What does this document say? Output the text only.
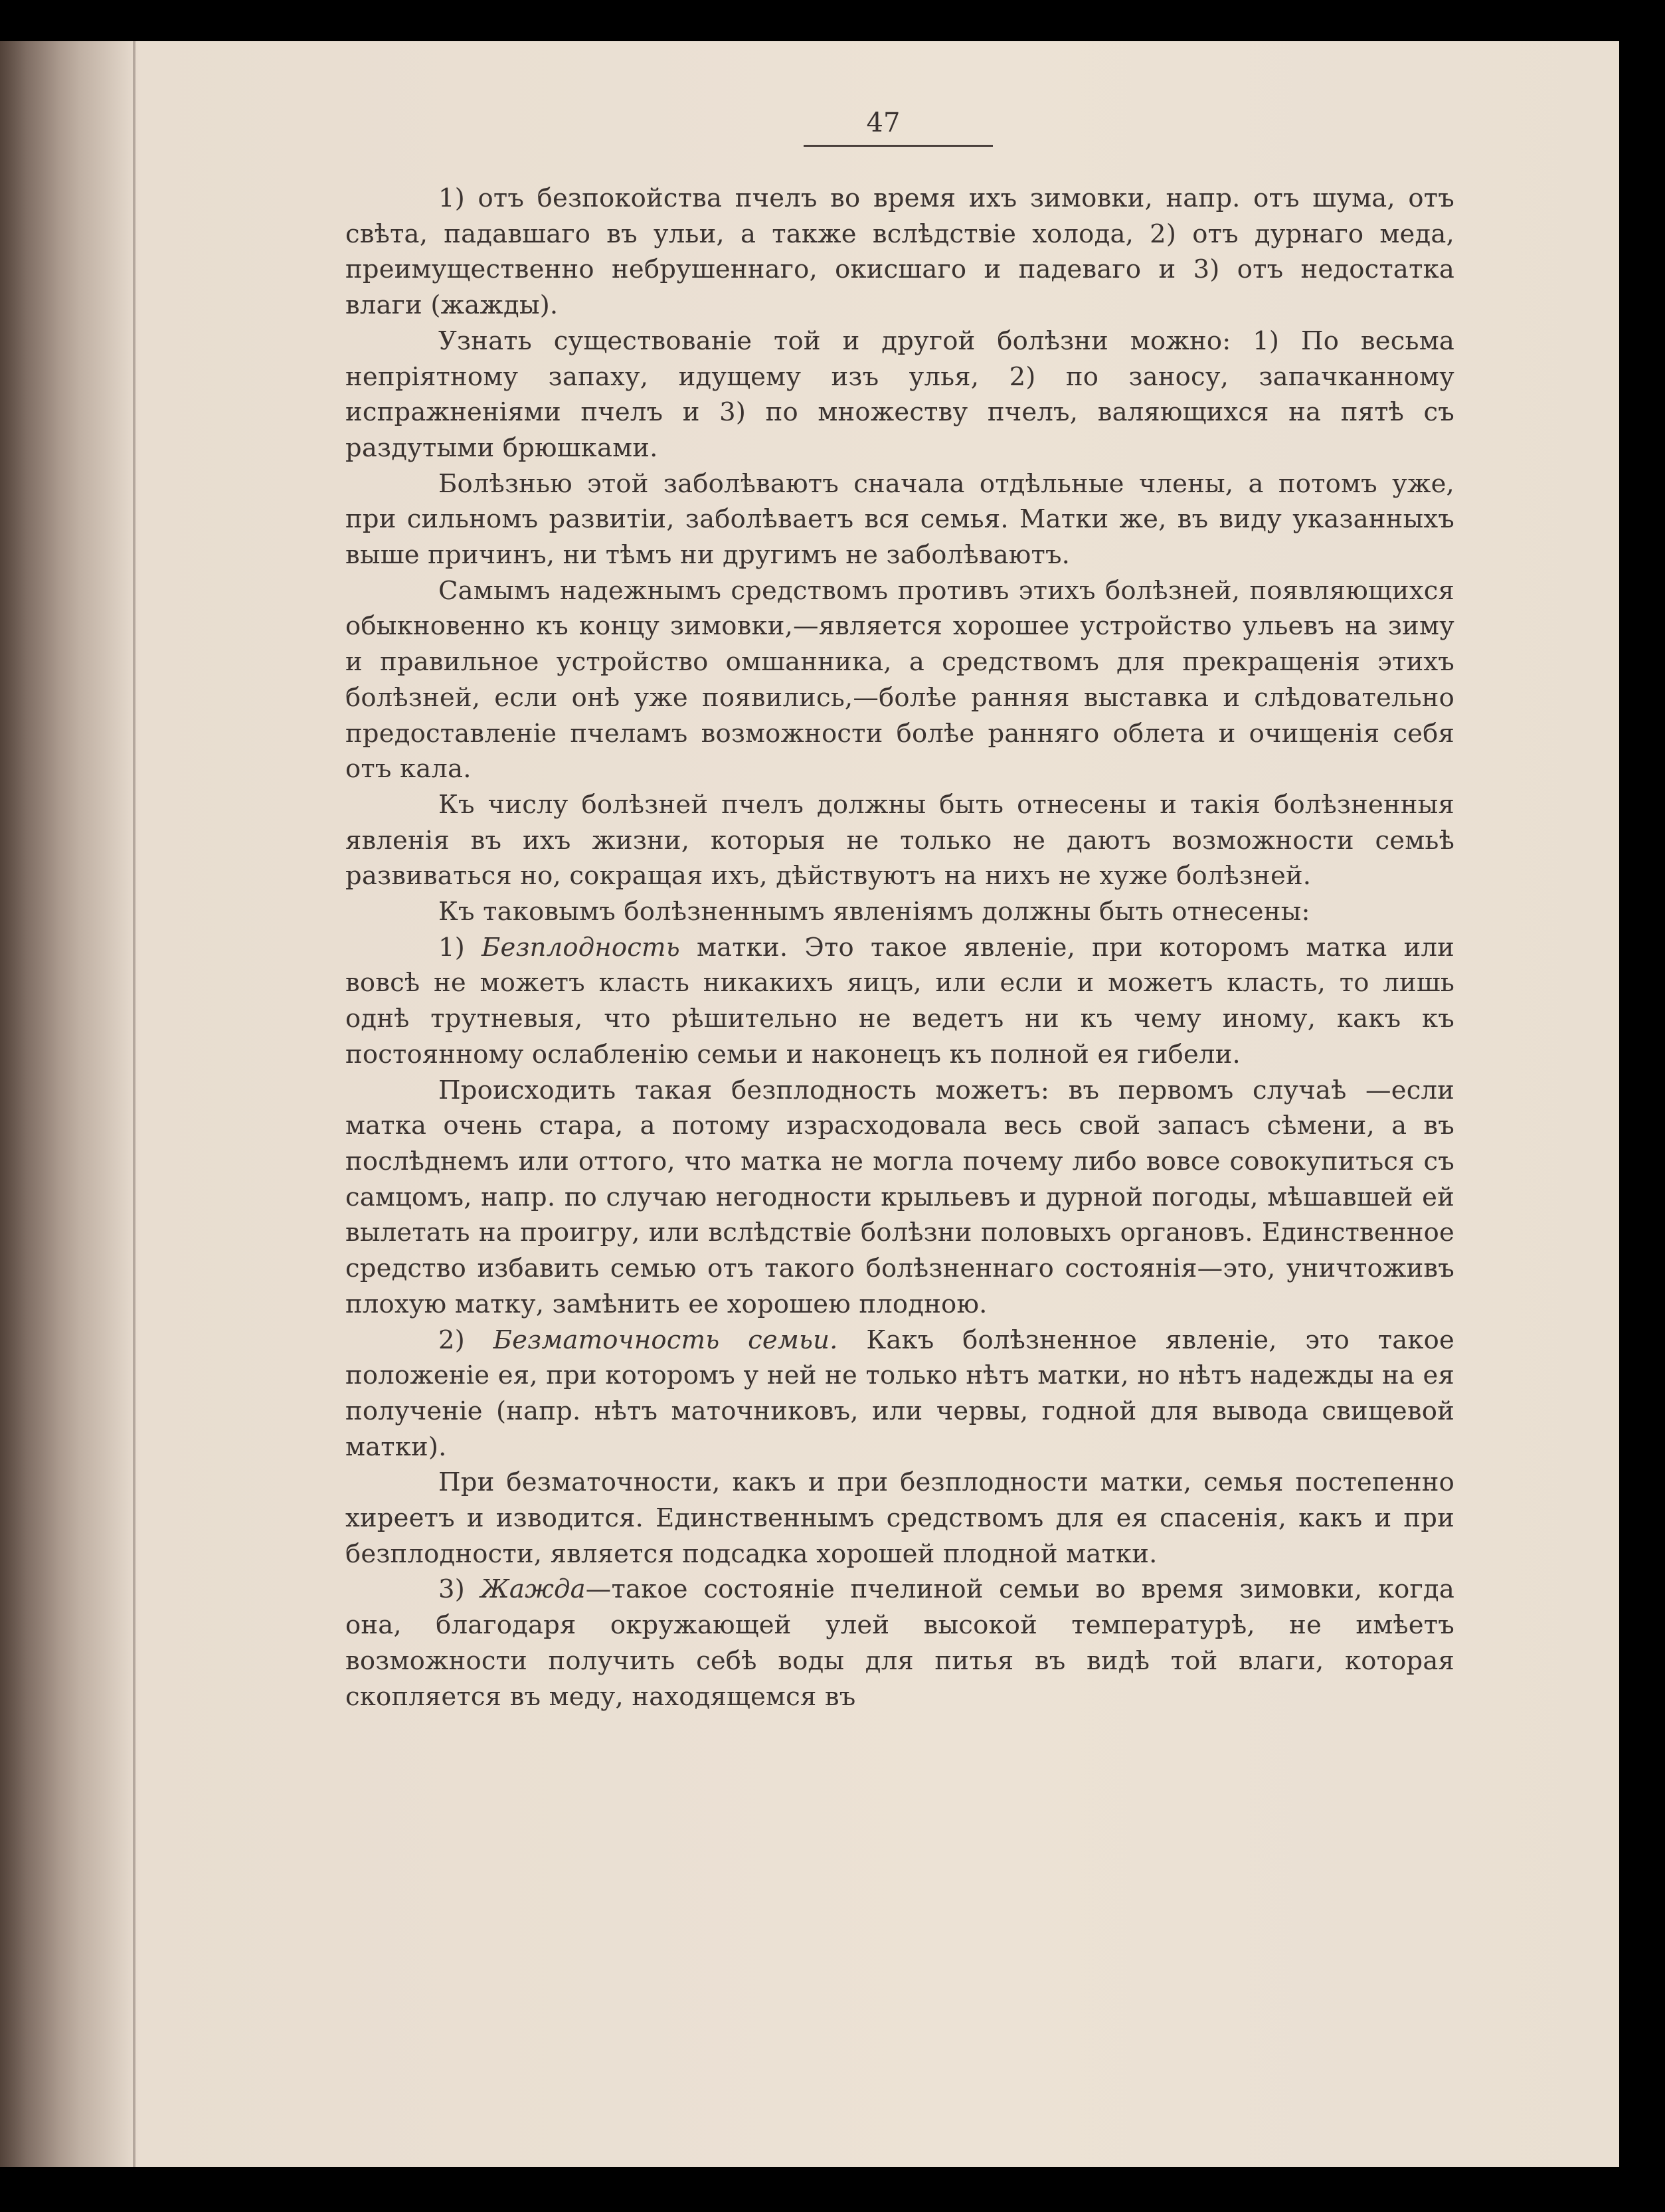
47

1) отъ безпокойства пчелъ во время ихъ зимовки, напр. отъ шума, отъ свѣта, падавшаго въ ульи, а также вслѣдствіе холода, 2) отъ дурнаго меда, преимущественно небрушеннаго, окисшаго и падеваго и 3) отъ недостатка влаги (жажды).

Узнать существованіе той и другой болѣзни можно: 1) По весьма непріятному запаху, идущему изъ улья, 2) по заносу, запачканному испражненіями пчелъ и 3) по множеству пчелъ, валяющихся на пятѣ съ раздутыми брюшками.

Болѣзнью этой заболѣваютъ сначала отдѣльные члены, а потомъ уже, при сильномъ развитіи, заболѣваетъ вся семья. Матки же, въ виду указанныхъ выше причинъ, ни тѣмъ ни другимъ не заболѣваютъ.

Самымъ надежнымъ средствомъ противъ этихъ болѣзней, появляющихся обыкновенно къ концу зимовки,—является хорошее устройство ульевъ на зиму и правильное устройство омшанника, а средствомъ для прекращенія этихъ болѣзней, если онѣ уже появились,—болѣе ранняя выставка и слѣдовательно предоставленіе пчеламъ возможности болѣе ранняго облета и очищенія себя отъ кала.

Къ числу болѣзней пчелъ должны быть отнесены и такія болѣзненныя явленія въ ихъ жизни, которыя не только не даютъ возможности семьѣ развиваться но, сокращая ихъ, дѣйствуютъ на нихъ не хуже болѣзней.

Къ таковымъ болѣзненнымъ явленіямъ должны быть отнесены:

1) Безплодность матки. Это такое явленіе, при которомъ матка или вовсѣ не можетъ класть никакихъ яицъ, или если и можетъ класть, то лишь однѣ трутневыя, что рѣшительно не ведетъ ни къ чему иному, какъ къ постоянному ослабленію семьи и наконецъ къ полной ея гибели.

Происходить такая безплодность можетъ: въ первомъ случаѣ —если матка очень стара, а потому израсходовала весь свой запасъ сѣмени, а въ послѣднемъ или оттого, что матка не могла почему либо вовсе совокупиться съ самцомъ, напр. по случаю негодности крыльевъ и дурной погоды, мѣшавшей ей вылетать на проигру, или вслѣдствіе болѣзни половыхъ органовъ. Единственное средство избавить семью отъ такого болѣзненнаго состоянія—это, уничтоживъ плохую матку, замѣнить ее хорошею плодною.

2) Безматочность семьи. Какъ болѣзненное явленіе, это такое положеніе ея, при которомъ у ней не только нѣтъ матки, но нѣтъ надежды на ея полученіе (напр. нѣтъ маточниковъ, или червы, годной для вывода свищевой матки).

При безматочности, какъ и при безплодности матки, семья постепенно хиреетъ и изводится. Единственнымъ средствомъ для ея спасенія, какъ и при безплодности, является подсадка хорошей плодной матки.

3) Жажда—такое состояніе пчелиной семьи во время зимовки, когда она, благодаря окружающей улей высокой температурѣ, не имѣетъ возможности получить себѣ воды для питья въ видѣ той влаги, которая скопляется въ меду, находящемся въ
